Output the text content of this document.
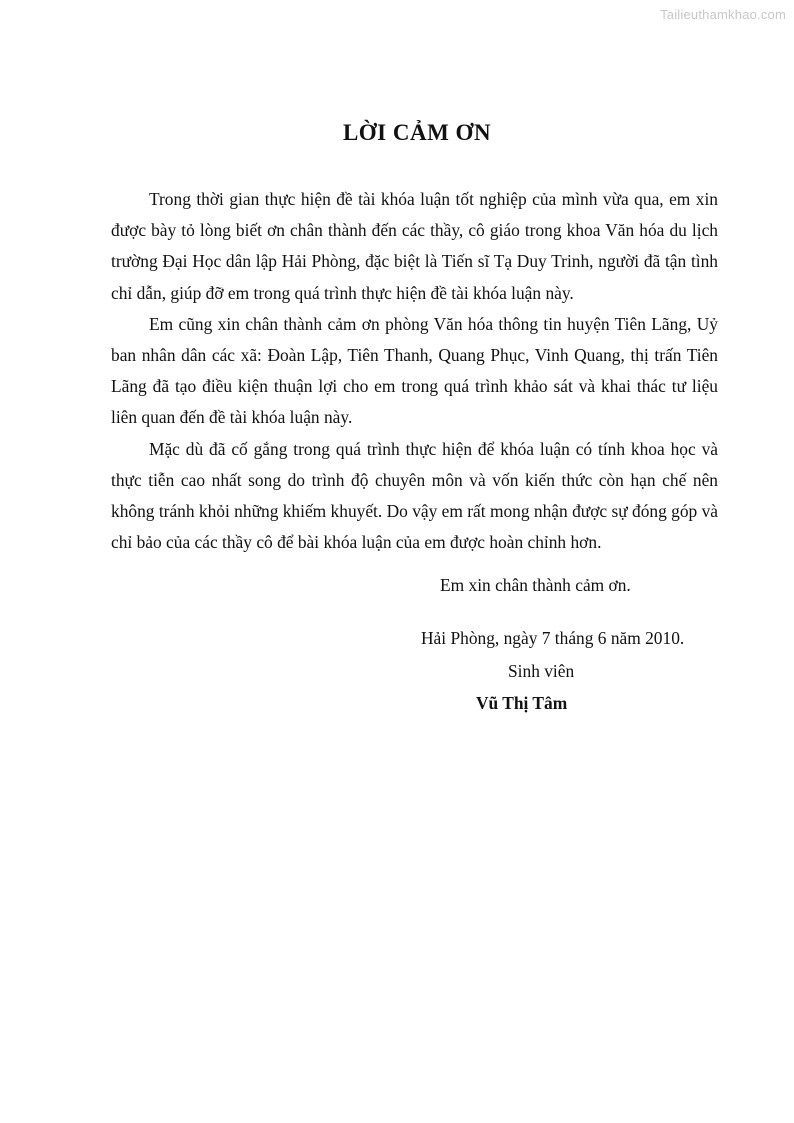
Tailieuthamkhao.com
LỜI CẢM ƠN

Trong thời gian thực hiện đề tài khóa luận tốt nghiệp của mình vừa qua, em xin được bày tỏ lòng biết ơn chân thành đến các thầy, cô giáo trong khoa Văn hóa du lịch trường Đại Học dân lập Hải Phòng, đặc biệt là Tiến sĩ Tạ Duy Trinh, người đã tận tình chỉ dẫn, giúp đỡ em trong quá trình thực hiện đề tài khóa luận này.

Em cũng xin chân thành cảm ơn phòng Văn hóa thông tin huyện Tiên Lãng, Uỷ ban nhân dân các xã: Đoàn Lập, Tiên Thanh, Quang Phục, Vinh Quang, thị trấn Tiên Lãng đã tạo điều kiện thuận lợi cho em trong quá trình khảo sát và khai thác tư liệu liên quan đến đề tài khóa luận này.

Mặc dù đã cố gắng trong quá trình thực hiện để khóa luận có tính khoa học và thực tiễn cao nhất song do trình độ chuyên môn và vốn kiến thức còn hạn chế nên không tránh khỏi những khiếm khuyết. Do vậy em rất mong nhận được sự đóng góp và chỉ bảo của các thầy cô để bài khóa luận của em được hoàn chỉnh hơn.

Em xin chân thành cảm ơn.
Hải Phòng, ngày 7 tháng 6 năm 2010.
Sinh viên
Vũ Thị Tâm
